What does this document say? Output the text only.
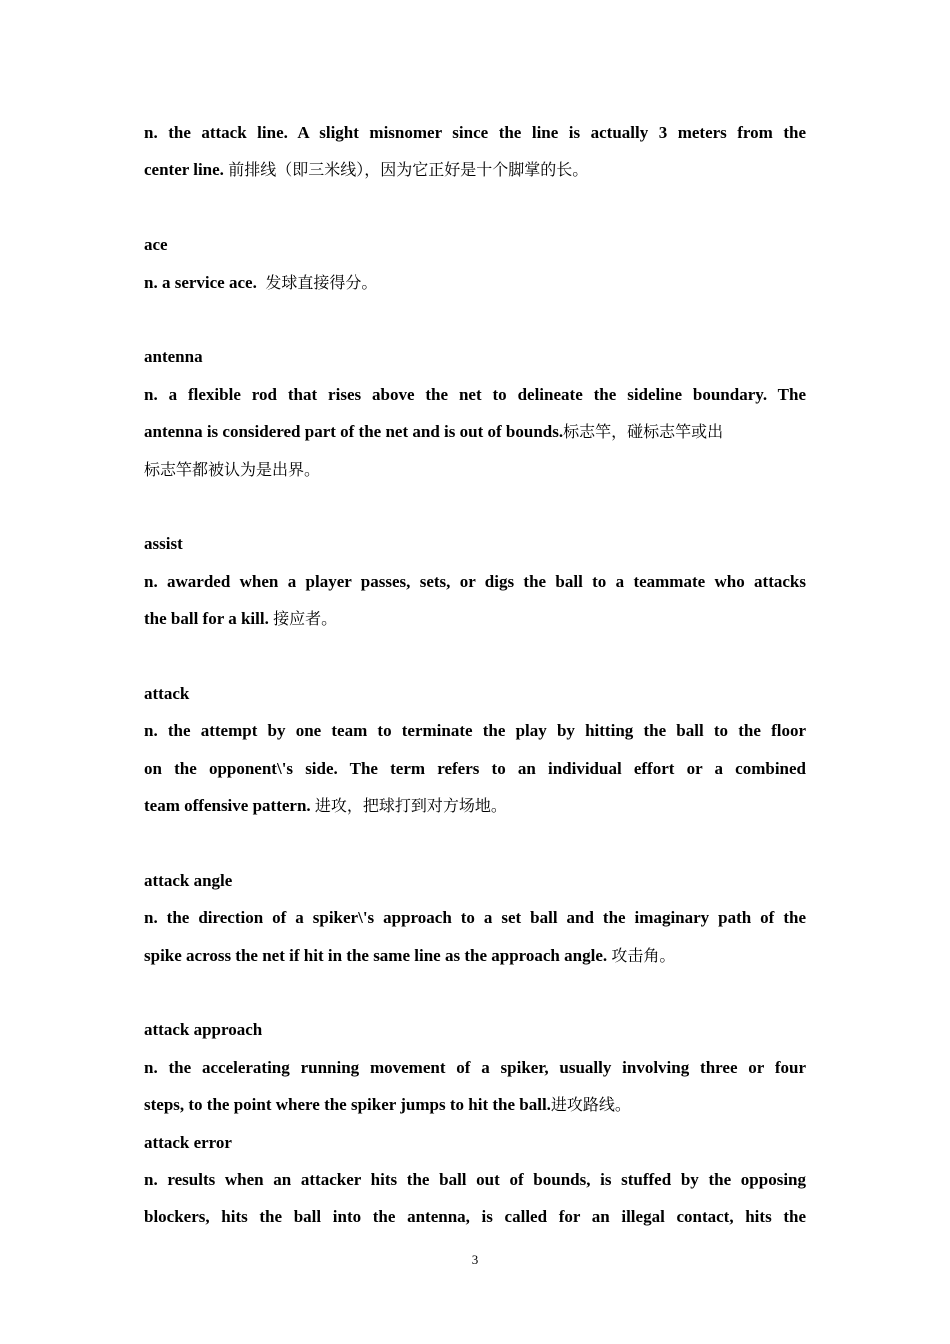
n. the attack line. A slight misnomer since the line is actually 3 meters from the
center line. 前排线（即三米线），因为它正好是十个脚掌的长。
ace
n. a service ace. 发球直接得分。
antenna
n. a flexible rod that rises above the net to delineate the sideline boundary. The
antenna is considered part of the net and is out of bounds.标志竿，碰标志竿或出
标志竿都被认为是出界。
assist
n. awarded when a player passes, sets, or digs the ball to a teammate who attacks
the ball for a kill. 接应者。
attack
n. the attempt by one team to terminate the play by hitting the ball to the floor
on the opponent\'s side. The term refers to an individual effort or a combined
team offensive pattern. 进攻，把球打到对方场地。
attack angle
n. the direction of a spiker\'s approach to a set ball and the imaginary path of the
spike across the net if hit in the same line as the approach angle. 攻击角。
attack approach
n. the accelerating running movement of a spiker, usually involving three or four
steps, to the point where the spiker jumps to hit the ball.进攻路线。
attack error
n. results when an attacker hits the ball out of bounds, is stuffed by the opposing
blockers, hits the ball into the antenna, is called for an illegal contact, hits the
3
